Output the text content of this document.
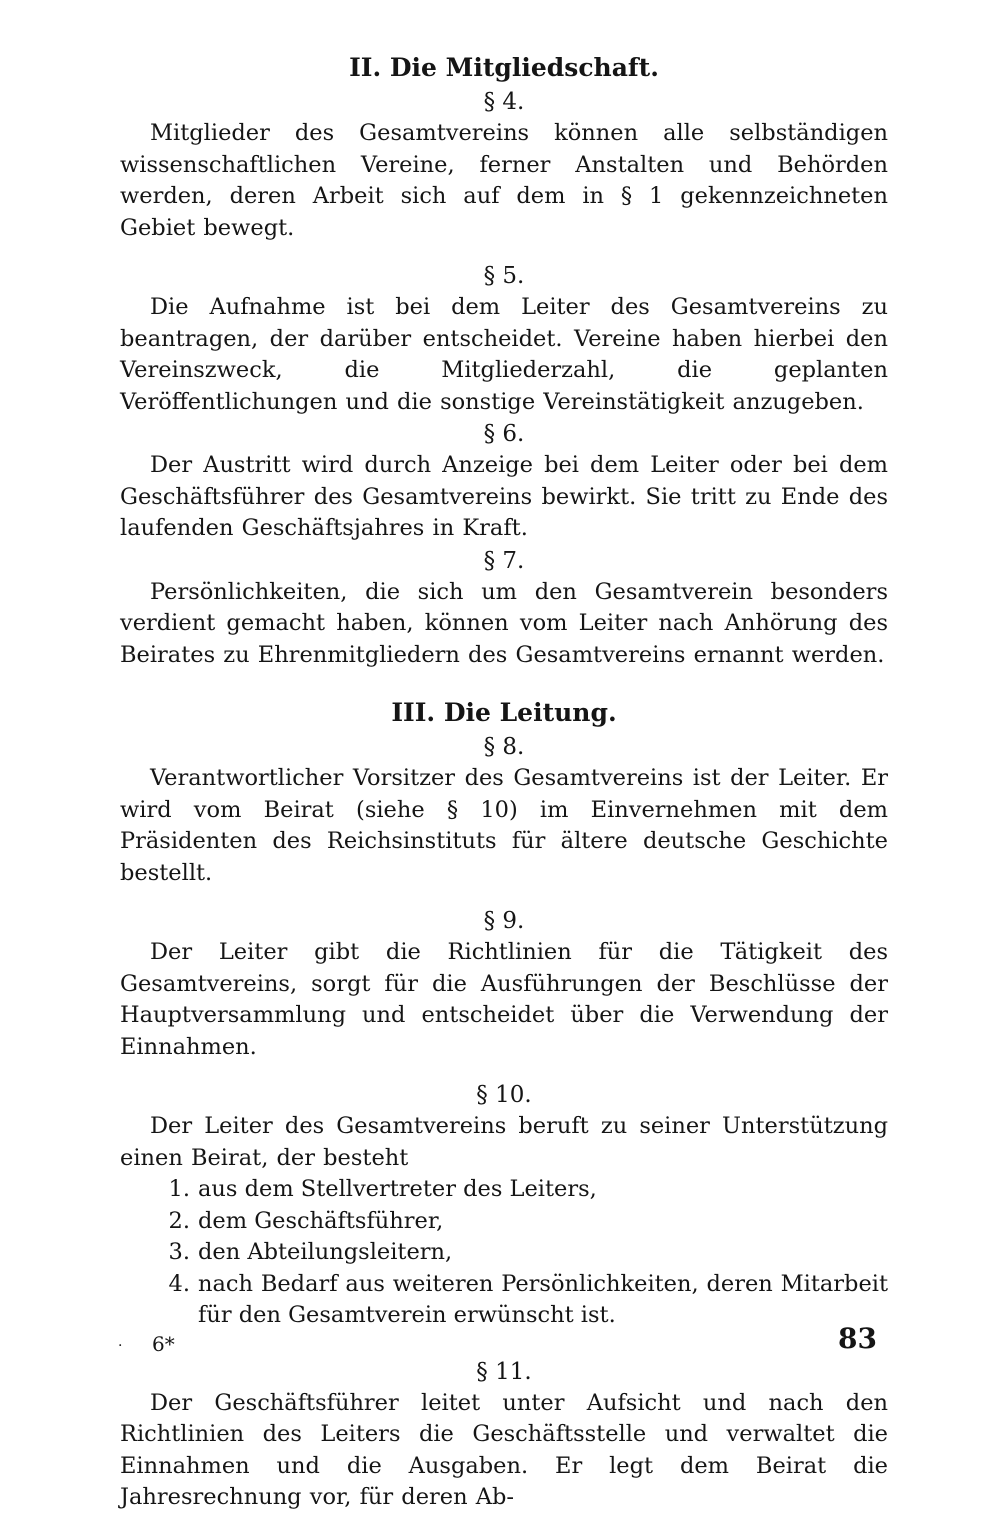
II. Die Mitgliedschaft.

§ 4.

Mitglieder des Gesamtvereins können alle selbständigen wissenschaftlichen Vereine, ferner Anstalten und Behörden werden, deren Arbeit sich auf dem in § 1 gekennzeichneten Gebiet bewegt.

§ 5.

Die Aufnahme ist bei dem Leiter des Gesamtvereins zu beantragen, der darüber entscheidet. Vereine haben hierbei den Vereinszweck, die Mitgliederzahl, die geplanten Veröffentlichungen und die sonstige Vereinstätigkeit anzugeben.

§ 6.

Der Austritt wird durch Anzeige bei dem Leiter oder bei dem Geschäftsführer des Gesamtvereins bewirkt. Sie tritt zu Ende des laufenden Geschäftsjahres in Kraft.

§ 7.

Persönlichkeiten, die sich um den Gesamtverein besonders verdient gemacht haben, können vom Leiter nach Anhörung des Beirates zu Ehrenmitgliedern des Gesamtvereins ernannt werden.

III. Die Leitung.

§ 8.

Verantwortlicher Vorsitzer des Gesamtvereins ist der Leiter. Er wird vom Beirat (siehe § 10) im Einvernehmen mit dem Präsidenten des Reichsinstituts für ältere deutsche Geschichte bestellt.

§ 9.

Der Leiter gibt die Richtlinien für die Tätigkeit des Gesamtvereins, sorgt für die Ausführungen der Beschlüsse der Hauptversammlung und entscheidet über die Verwendung der Einnahmen.

§ 10.

Der Leiter des Gesamtvereins beruft zu seiner Unterstützung einen Beirat, der besteht

1. aus dem Stellvertreter des Leiters,
2. dem Geschäftsführer,
3. den Abteilungsleitern,
4. nach Bedarf aus weiteren Persönlichkeiten, deren Mitarbeit für den Gesamtverein erwünscht ist.

§ 11.

Der Geschäftsführer leitet unter Aufsicht und nach den Richtlinien des Leiters die Geschäftsstelle und verwaltet die Einnahmen und die Ausgaben. Er legt dem Beirat die Jahresrechnung vor, für deren Ab-

· 6*	83
